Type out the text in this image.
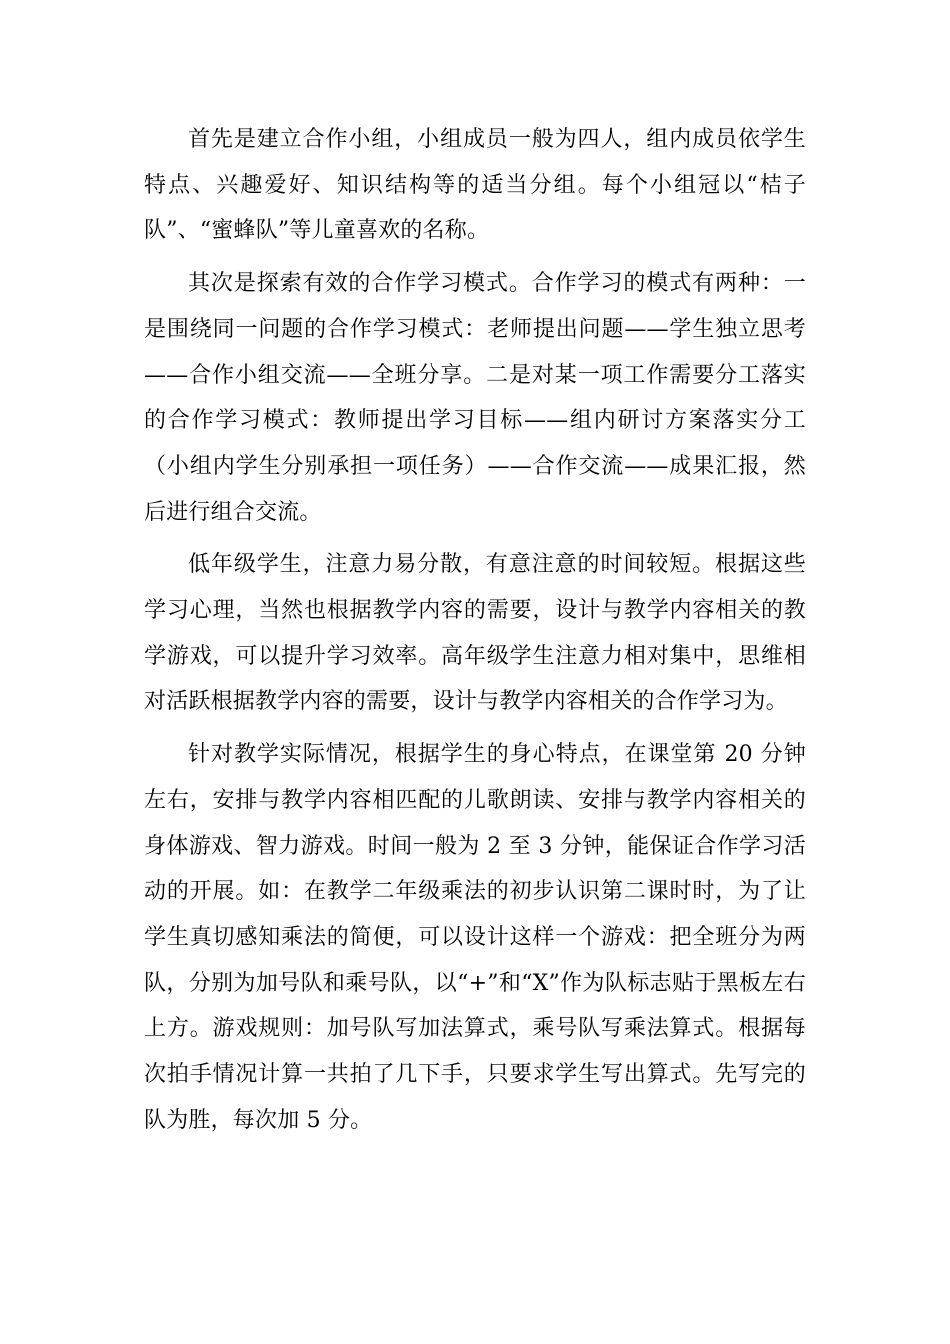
首先是建立合作小组，小组成员一般为四人，组内成员依学生特点、兴趣爱好、知识结构等的适当分组。每个小组冠以“桔子队”、“蜜蜂队”等儿童喜欢的名称。

其次是探索有效的合作学习模式。合作学习的模式有两种：一是围绕同一问题的合作学习模式：老师提出问题——学生独立思考——合作小组交流——全班分享。二是对某一项工作需要分工落实的合作学习模式：教师提出学习目标——组内研讨方案落实分工（小组内学生分别承担一项任务）——合作交流——成果汇报，然后进行组合交流。

低年级学生，注意力易分散，有意注意的时间较短。根据这些学习心理，当然也根据教学内容的需要，设计与教学内容相关的教学游戏，可以提升学习效率。高年级学生注意力相对集中，思维相对活跃根据教学内容的需要，设计与教学内容相关的合作学习为。

针对教学实际情况，根据学生的身心特点，在课堂第 20 分钟左右，安排与教学内容相匹配的儿歌朗读、安排与教学内容相关的身体游戏、智力游戏。时间一般为 2 至 3 分钟，能保证合作学习活动的开展。如：在教学二年级乘法的初步认识第二课时时，为了让学生真切感知乘法的简便，可以设计这样一个游戏：把全班分为两队，分别为加号队和乘号队，以“+”和“X”作为队标志贴于黑板左右上方。游戏规则：加号队写加法算式，乘号队写乘法算式。根据每次拍手情况计算一共拍了几下手，只要求学生写出算式。先写完的队为胜，每次加 5 分。
